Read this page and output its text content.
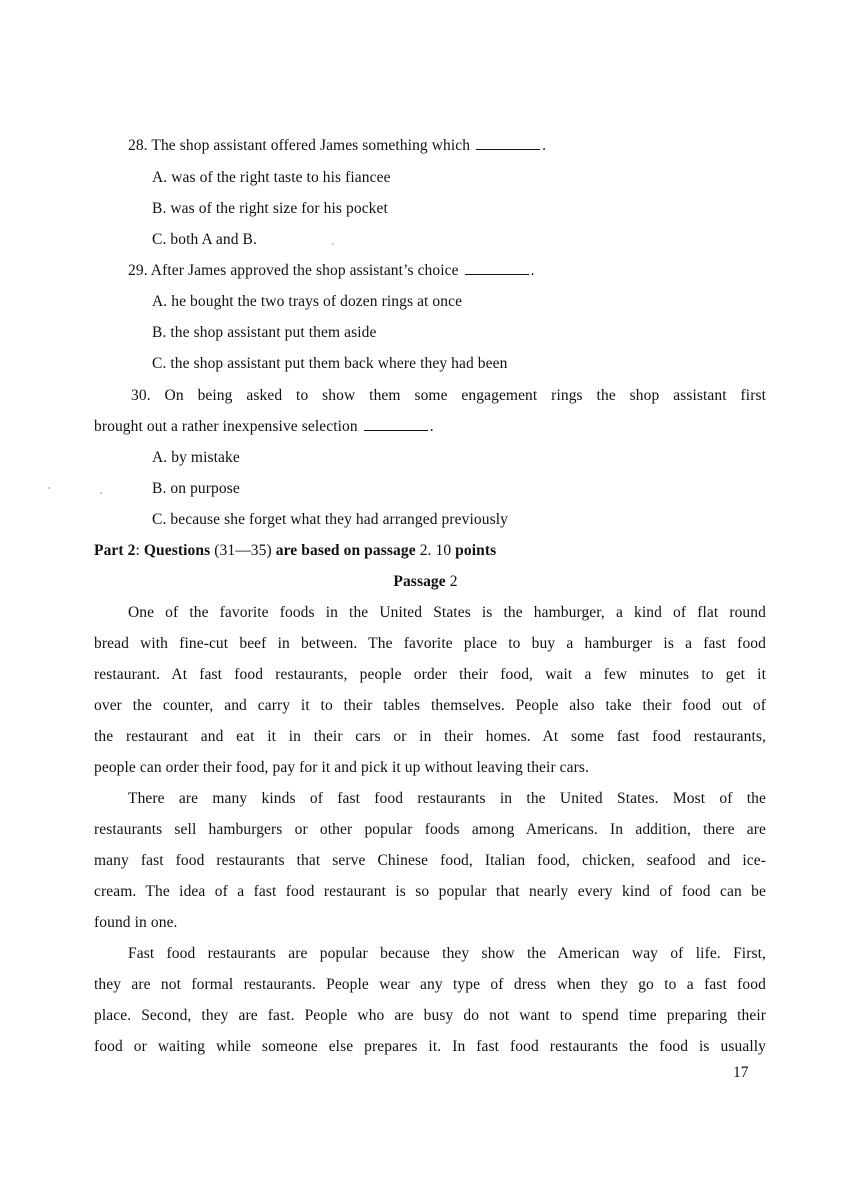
28. The shop assistant offered James something which	.
A. was of the right taste to his fiancee
B. was of the right size for his pocket
C. both A and B.
29. After James approved the shop assistant’s choice	.
A. he bought the two trays of dozen rings at once
B. the shop assistant put them aside
C. the shop assistant put them back where they had been
30. On being asked to show them some engagement rings the shop assistant first
brought out a rather inexpensive selection	.
A. by mistake
B. on purpose
C. because she forget what they had arranged previously
Part 2: Questions (31—35) are based on passage 2. 10 points
Passage 2
One of the favorite foods in the United States is the hamburger, a kind of flat round
bread with fine-cut beef in between. The favorite place to buy a hamburger is a fast food
restaurant. At fast food restaurants, people order their food, wait a few minutes to get it
over the counter, and carry it to their tables themselves. People also take their food out of
the restaurant and eat it in their cars or in their homes. At some fast food restaurants,
people can order their food, pay for it and pick it up without leaving their cars.
There are many kinds of fast food restaurants in the United States. Most of the
restaurants sell hamburgers or other popular foods among Americans. In addition, there are
many fast food restaurants that serve Chinese food, Italian food, chicken, seafood and ice-
cream. The idea of a fast food restaurant is so popular that nearly every kind of food can be
found in one.
Fast food restaurants are popular because they show the American way of life. First,
they are not formal restaurants. People wear any type of dress when they go to a fast food
place. Second, they are fast. People who are busy do not want to spend time preparing their
food or waiting while someone else prepares it. In fast food restaurants the food is usually
17
